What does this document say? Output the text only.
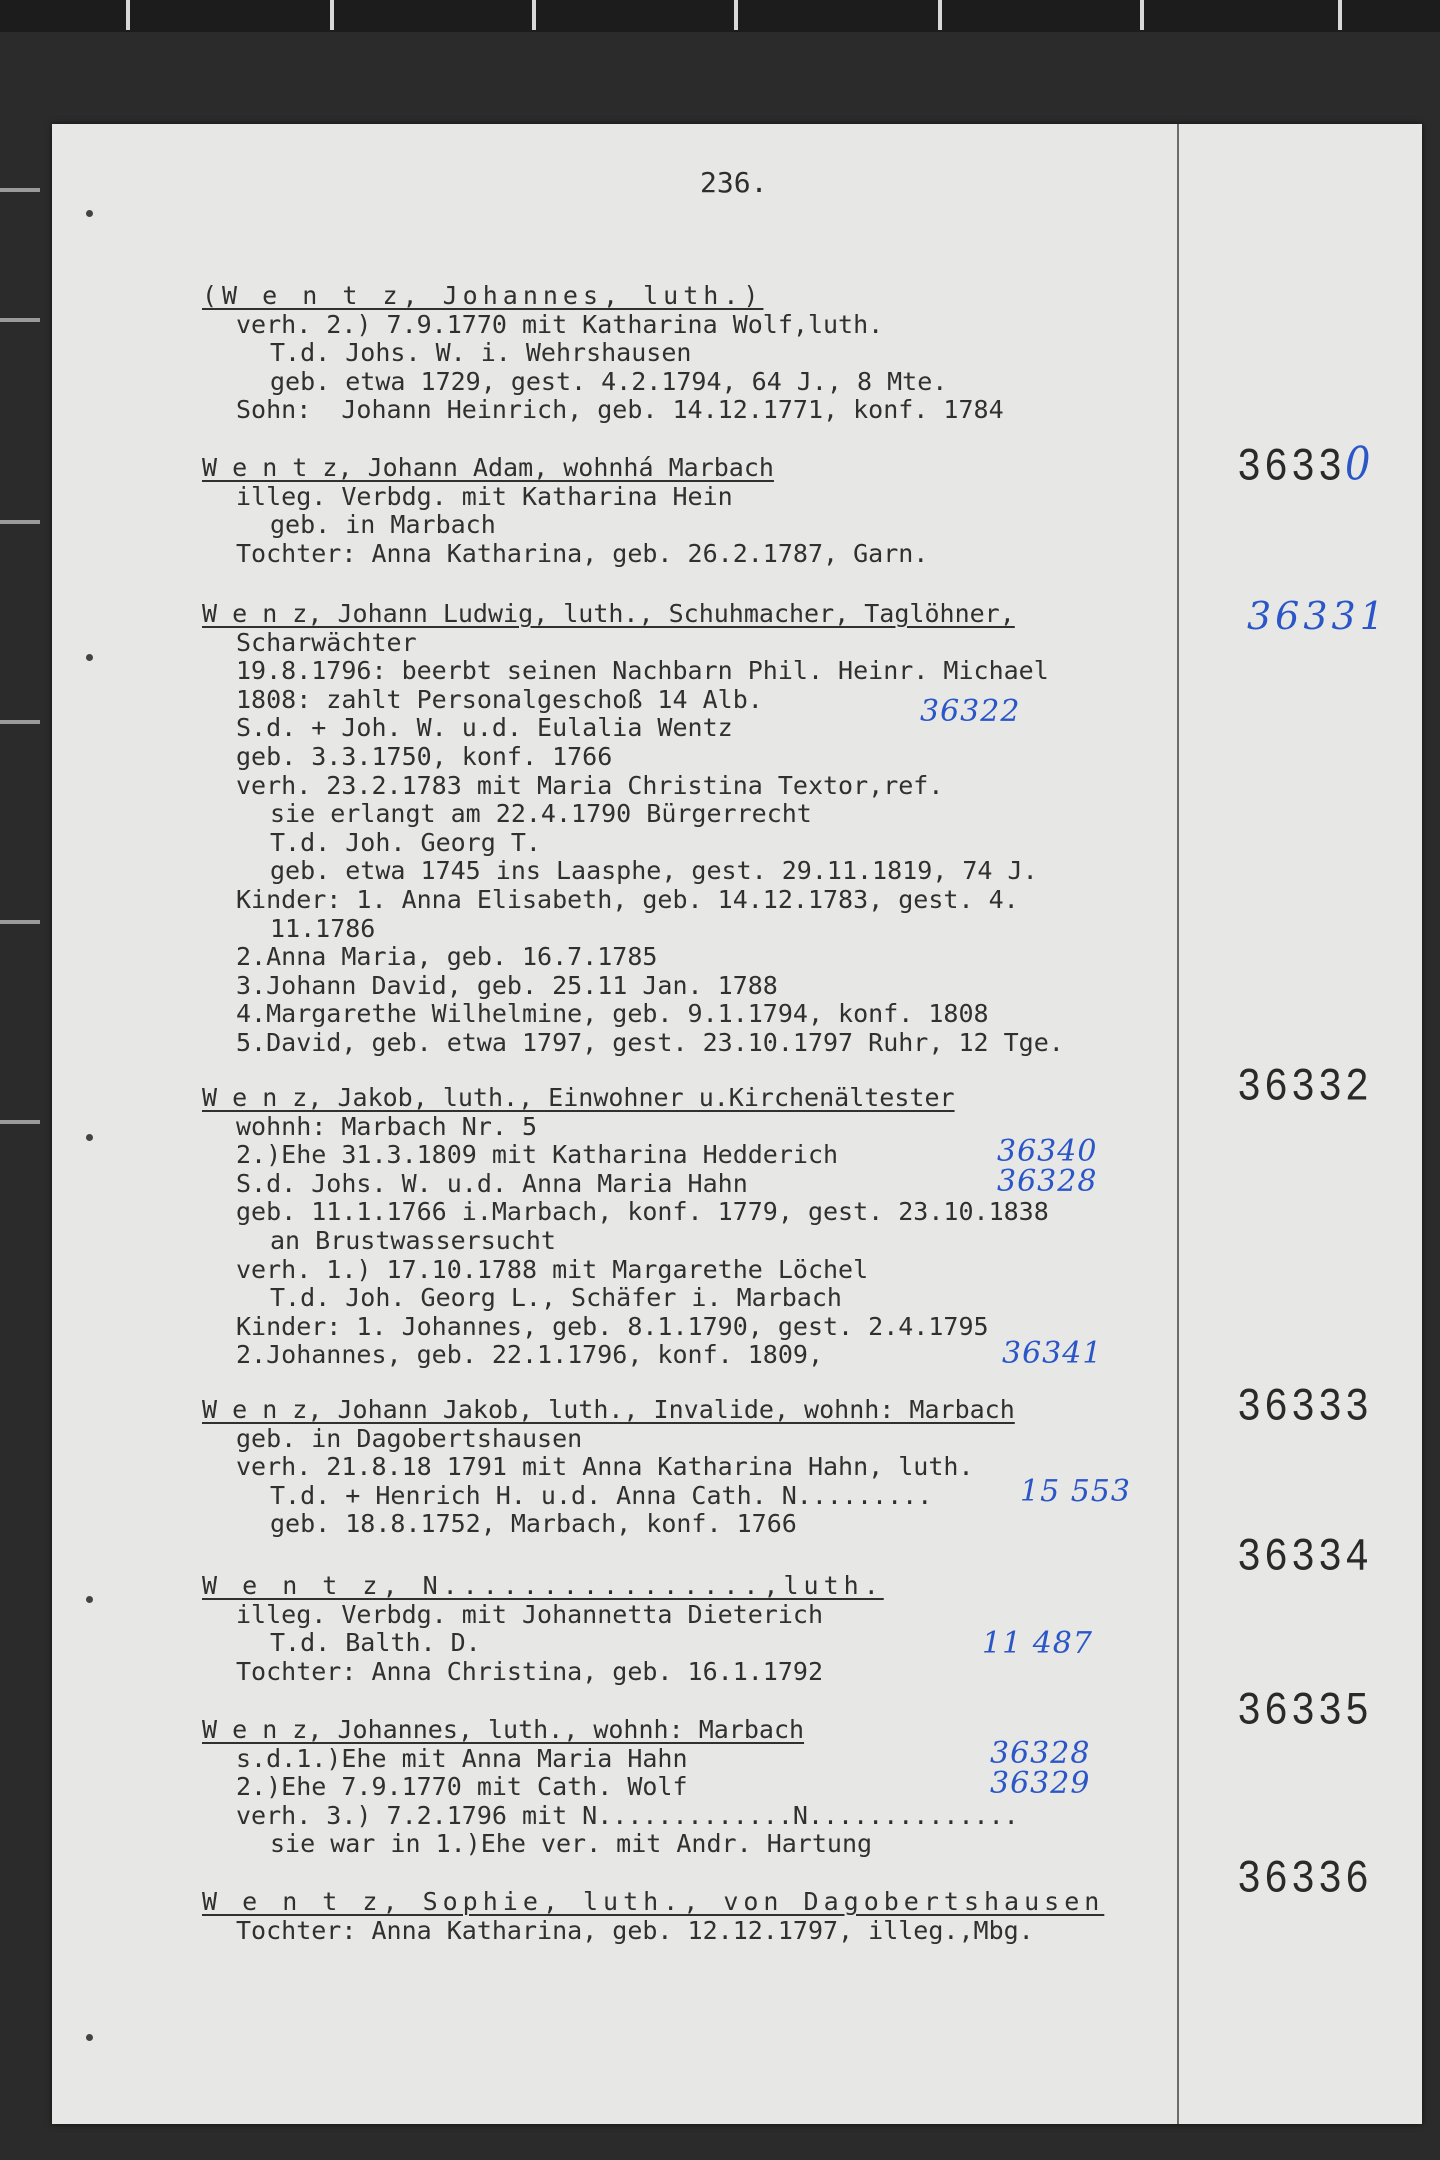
236.
(W e n t z, Johannes, luth.)
verh. 2.) 7.9.1770 mit Katharina Wolf,luth.
T.d. Johs. W. i. Wehrshausen
geb. etwa 1729, gest. 4.2.1794, 64 J., 8 Mte.
Sohn:  Johann Heinrich, geb. 14.12.1771, konf. 1784
W e n t z, Johann Adam, wohnhá Marbach
illeg. Verbdg. mit Katharina Hein
geb. in Marbach
Tochter: Anna Katharina, geb. 26.2.1787, Garn.
36330
W e n z, Johann Ludwig, luth., Schuhmacher, Taglöhner,
Scharwächter
19.8.1796: beerbt seinen Nachbarn Phil. Heinr. Michael
1808: zahlt Personalgeschoß 14 Alb.
S.d. + Joh. W. u.d. Eulalia Wentz
geb. 3.3.1750, konf. 1766
verh. 23.2.1783 mit Maria Christina Textor,ref.
sie erlangt am 22.4.1790 Bürgerrecht
T.d. Joh. Georg T.
geb. etwa 1745 ins Laasphe, gest. 29.11.1819, 74 J.
Kinder: 1. Anna Elisabeth, geb. 14.12.1783, gest. 4.
11.1786
2.Anna Maria, geb. 16.7.1785
3.Johann David, geb. 25.11 Jan. 1788
4.Margarethe Wilhelmine, geb. 9.1.1794, konf. 1808
5.David, geb. etwa 1797, gest. 23.10.1797 Ruhr, 12 Tge.
36331
36322
W e n z, Jakob, luth., Einwohner u.Kirchenältester
wohnh: Marbach Nr. 5
2.)Ehe 31.3.1809 mit Katharina Hedderich
S.d. Johs. W. u.d. Anna Maria Hahn
geb. 11.1.1766 i.Marbach, konf. 1779, gest. 23.10.1838
an Brustwassersucht
verh. 1.) 17.10.1788 mit Margarethe Löchel
T.d. Joh. Georg L., Schäfer i. Marbach
Kinder: 1. Johannes, geb. 8.1.1790, gest. 2.4.1795
2.Johannes, geb. 22.1.1796, konf. 1809,
36332
36340
36328
36341
W e n z, Johann Jakob, luth., Invalide, wohnh: Marbach
geb. in Dagobertshausen
verh. 21.8.18 1791 mit Anna Katharina Hahn, luth.
T.d. + Henrich H. u.d. Anna Cath. N.........
geb. 18.8.1752, Marbach, konf. 1766
36333
15 553
W e n t z, N................,luth.
illeg. Verbdg. mit Johannetta Dieterich
T.d. Balth. D.
Tochter: Anna Christina, geb. 16.1.1792
36334
11 487
W e n z, Johannes, luth., wohnh: Marbach
s.d.1.)Ehe mit Anna Maria Hahn
2.)Ehe 7.9.1770 mit Cath. Wolf
verh. 3.) 7.2.1796 mit N.............N..............
sie war in 1.)Ehe ver. mit Andr. Hartung
36335
36328
36329
W e n t z, Sophie, luth., von Dagobertshausen
Tochter: Anna Katharina, geb. 12.12.1797, illeg.,Mbg.
36336
